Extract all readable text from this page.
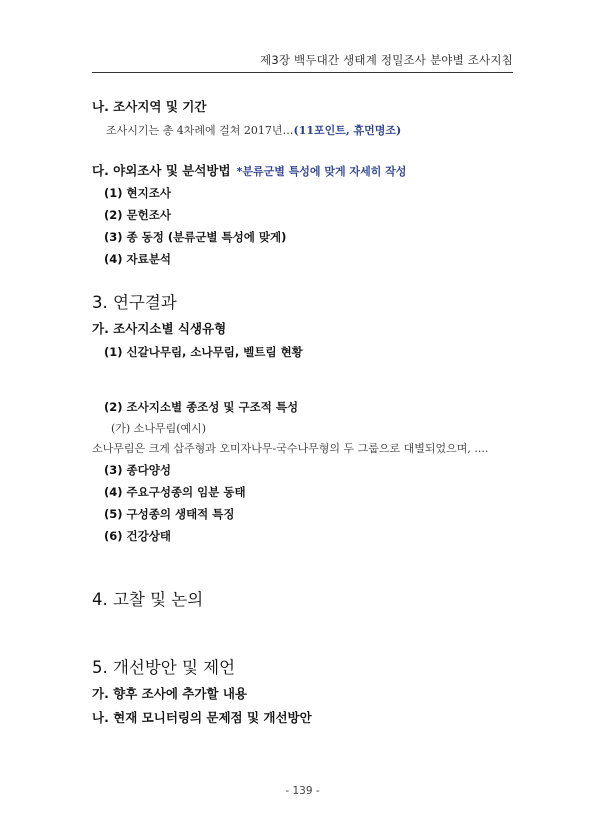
제3장 백두대간 생태계 정밀조사 분야별 조사지침
나. 조사지역 및 기간
조사시기는 총 4차례에 걸쳐 2017년…(11포인트, 휴먼명조)
다. 야외조사 및 분석방법 *분류군별 특성에 맞게 자세히 작성
(1) 현지조사
(2) 문헌조사
(3) 종 동정 (분류군별 특성에 맞게)
(4) 자료분석
3. 연구결과
가. 조사지소별 식생유형
(1) 신갈나무림, 소나무림, 벨트림 현황
(2) 조사지소별 종조성 및 구조적 특성
(가) 소나무림(예시)
소나무림은 크게 삽주형과 오미자나무-국수나무형의 두 그룹으로 대별되었으며, ....
(3) 종다양성
(4) 주요구성종의 임분 동태
(5) 구성종의 생태적 특징
(6) 건강상태
4. 고찰 및 논의
5. 개선방안 및 제언
가. 향후 조사에 추가할 내용
나. 현재 모니터링의 문제점 및 개선방안
- 139 -
